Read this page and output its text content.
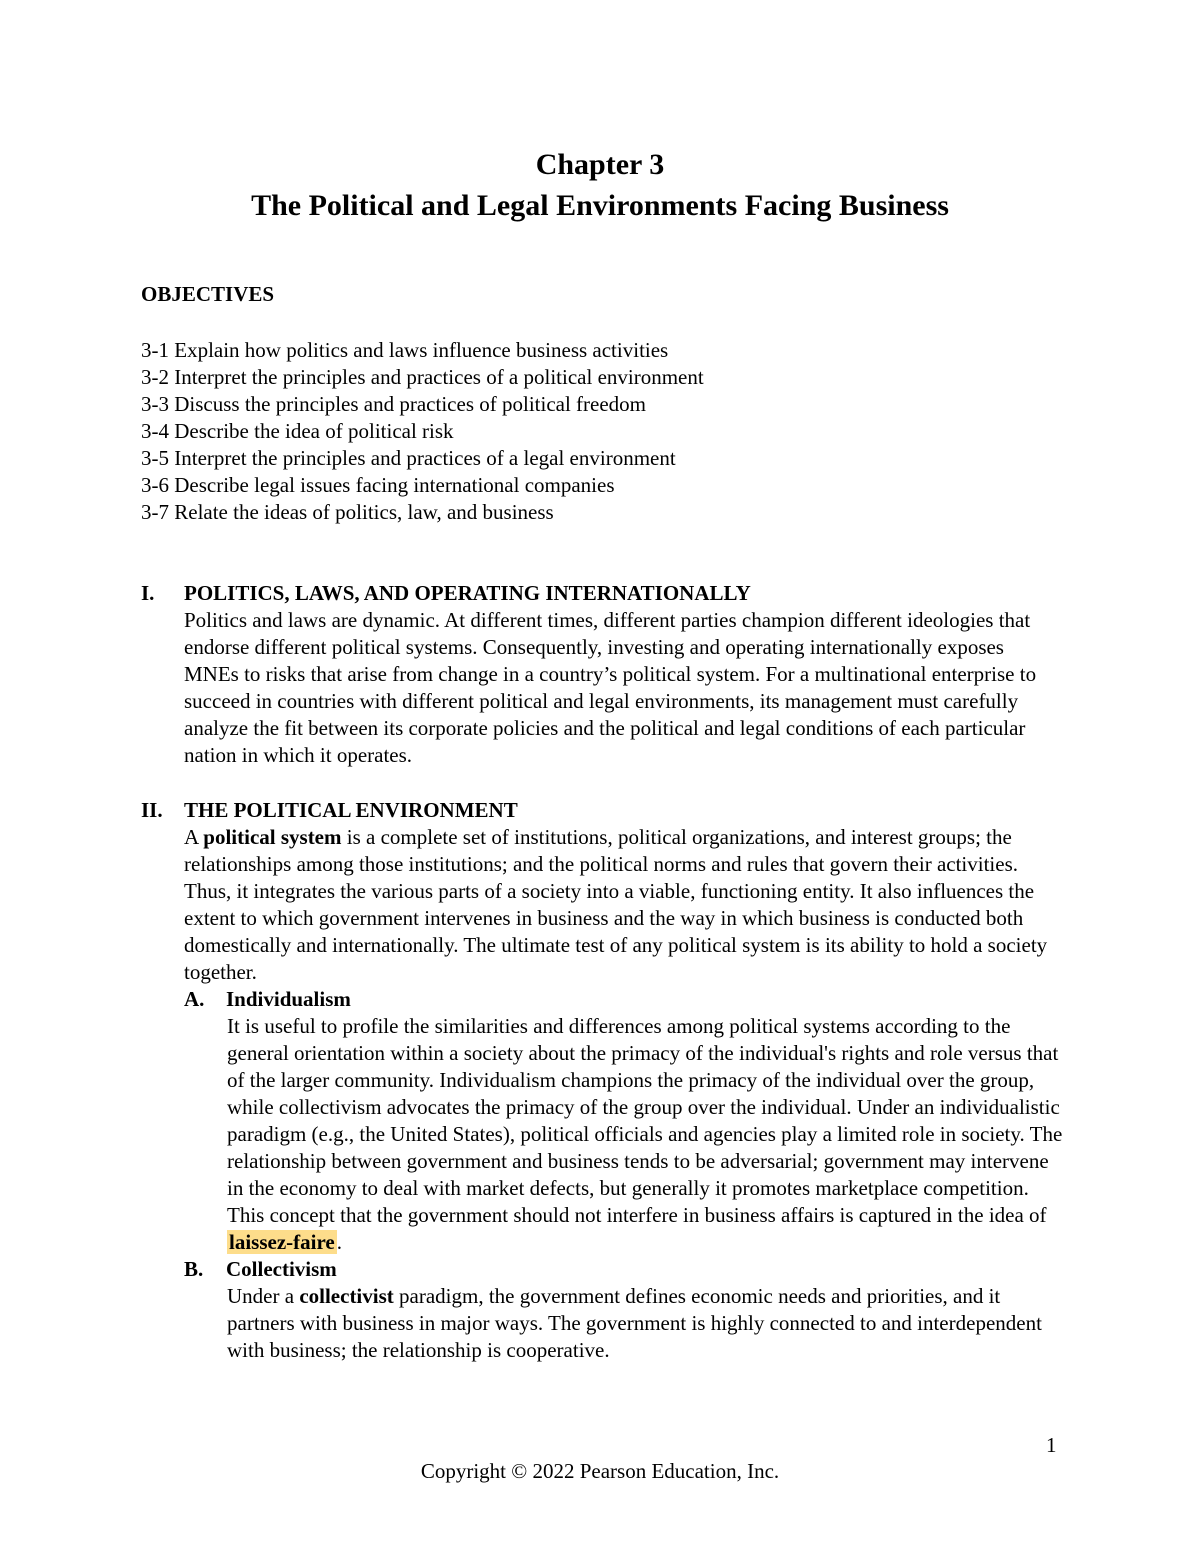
Chapter 3
The Political and Legal Environments Facing Business
OBJECTIVES
3-1 Explain how politics and laws influence business activities
3-2 Interpret the principles and practices of a political environment
3-3 Discuss the principles and practices of political freedom
3-4 Describe the idea of political risk
3-5 Interpret the principles and practices of a legal environment
3-6 Describe legal issues facing international companies
3-7 Relate the ideas of politics, law, and business
I. POLITICS, LAWS, AND OPERATING INTERNATIONALLY
Politics and laws are dynamic. At different times, different parties champion different ideologies that endorse different political systems. Consequently, investing and operating internationally exposes MNEs to risks that arise from change in a country’s political system. For a multinational enterprise to succeed in countries with different political and legal environments, its management must carefully analyze the fit between its corporate policies and the political and legal conditions of each particular nation in which it operates.
II. THE POLITICAL ENVIRONMENT
A political system is a complete set of institutions, political organizations, and interest groups; the relationships among those institutions; and the political norms and rules that govern their activities. Thus, it integrates the various parts of a society into a viable, functioning entity. It also influences the extent to which government intervenes in business and the way in which business is conducted both domestically and internationally. The ultimate test of any political system is its ability to hold a society together.
A. Individualism
It is useful to profile the similarities and differences among political systems according to the general orientation within a society about the primacy of the individual's rights and role versus that of the larger community. Individualism champions the primacy of the individual over the group, while collectivism advocates the primacy of the group over the individual. Under an individualistic paradigm (e.g., the United States), political officials and agencies play a limited role in society. The relationship between government and business tends to be adversarial; government may intervene in the economy to deal with market defects, but generally it promotes marketplace competition. This concept that the government should not interfere in business affairs is captured in the idea of laissez-faire.
B. Collectivism
Under a collectivist paradigm, the government defines economic needs and priorities, and it partners with business in major ways. The government is highly connected to and interdependent with business; the relationship is cooperative.
1
Copyright © 2022 Pearson Education, Inc.
